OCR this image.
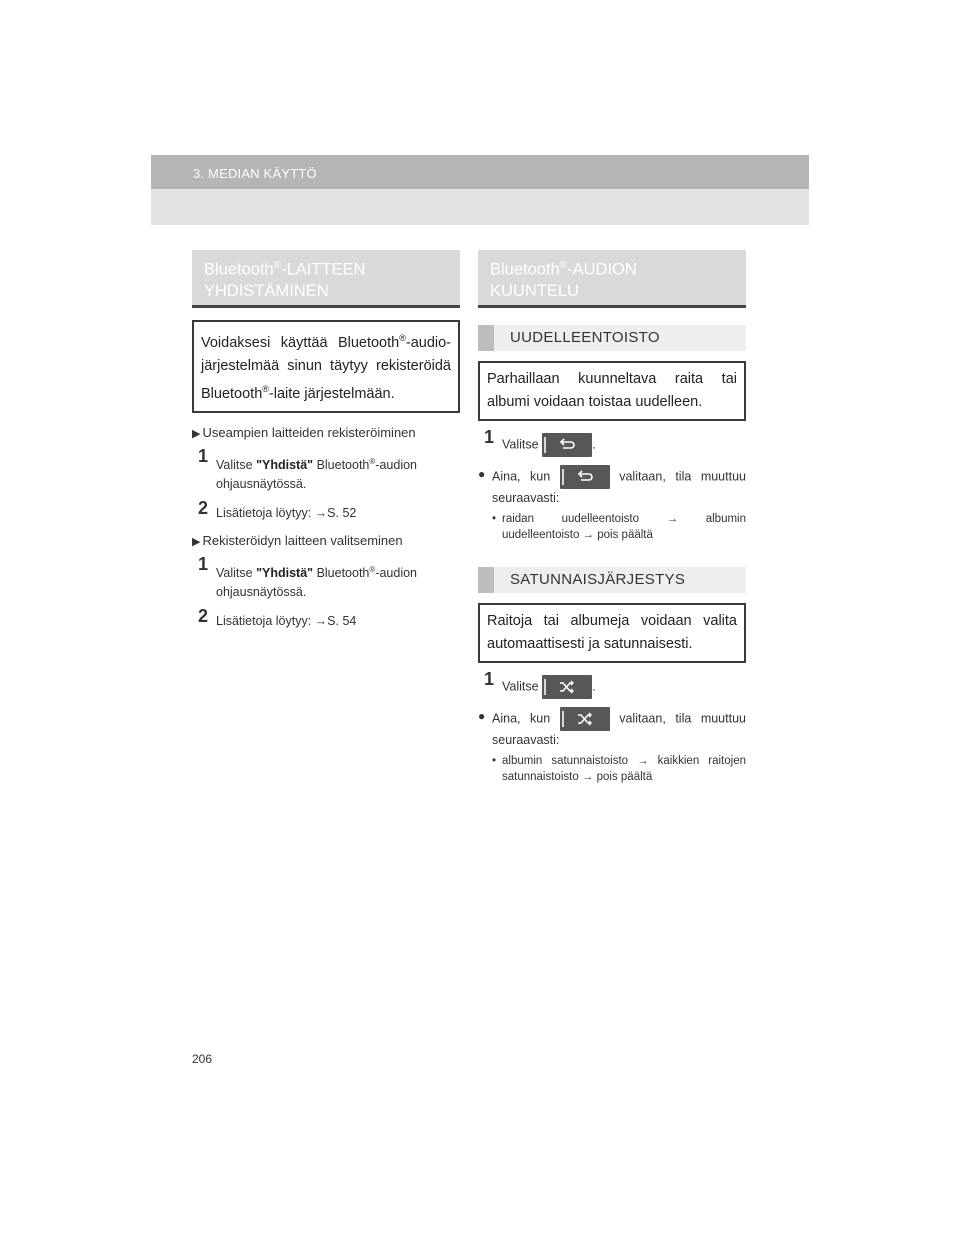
3. MEDIAN KÄYTTÖ
Bluetooth®-LAITTEEN
YHDISTÄMINEN
Voidaksesi käyttää Bluetooth®-audio-järjestelmää sinun täytyy rekisteröidä Bluetooth®-laite järjestelmään.
▶ Useampien laitteiden rekisteröiminen
1 Valitse "Yhdistä" Bluetooth®-audion ohjausnäytössä.
2 Lisätietoja löytyy: →S. 52
▶ Rekisteröidyn laitteen valitseminen
1 Valitse "Yhdistä" Bluetooth®-audion ohjausnäytössä.
2 Lisätietoja löytyy: →S. 54
Bluetooth®-AUDION
KUUNTELU
UUDELLEENTOISTO
Parhaillaan kuunneltava raita tai albumi voidaan toistaa uudelleen.
1 Valitse	.
● Aina, kun	valitaan, tila muuttuu seuraavasti:
• raidan uudelleentoisto → albumin uudelleentoisto → pois päältä
SATUNNAISJÄRJESTYS
Raitoja tai albumeja voidaan valita automaattisesti ja satunnaisesti.
1 Valitse	.
● Aina, kun	valitaan, tila muuttuu seuraavasti:
• albumin satunnaistoisto → kaikkien raitojen satunnaistoisto → pois päältä
206
